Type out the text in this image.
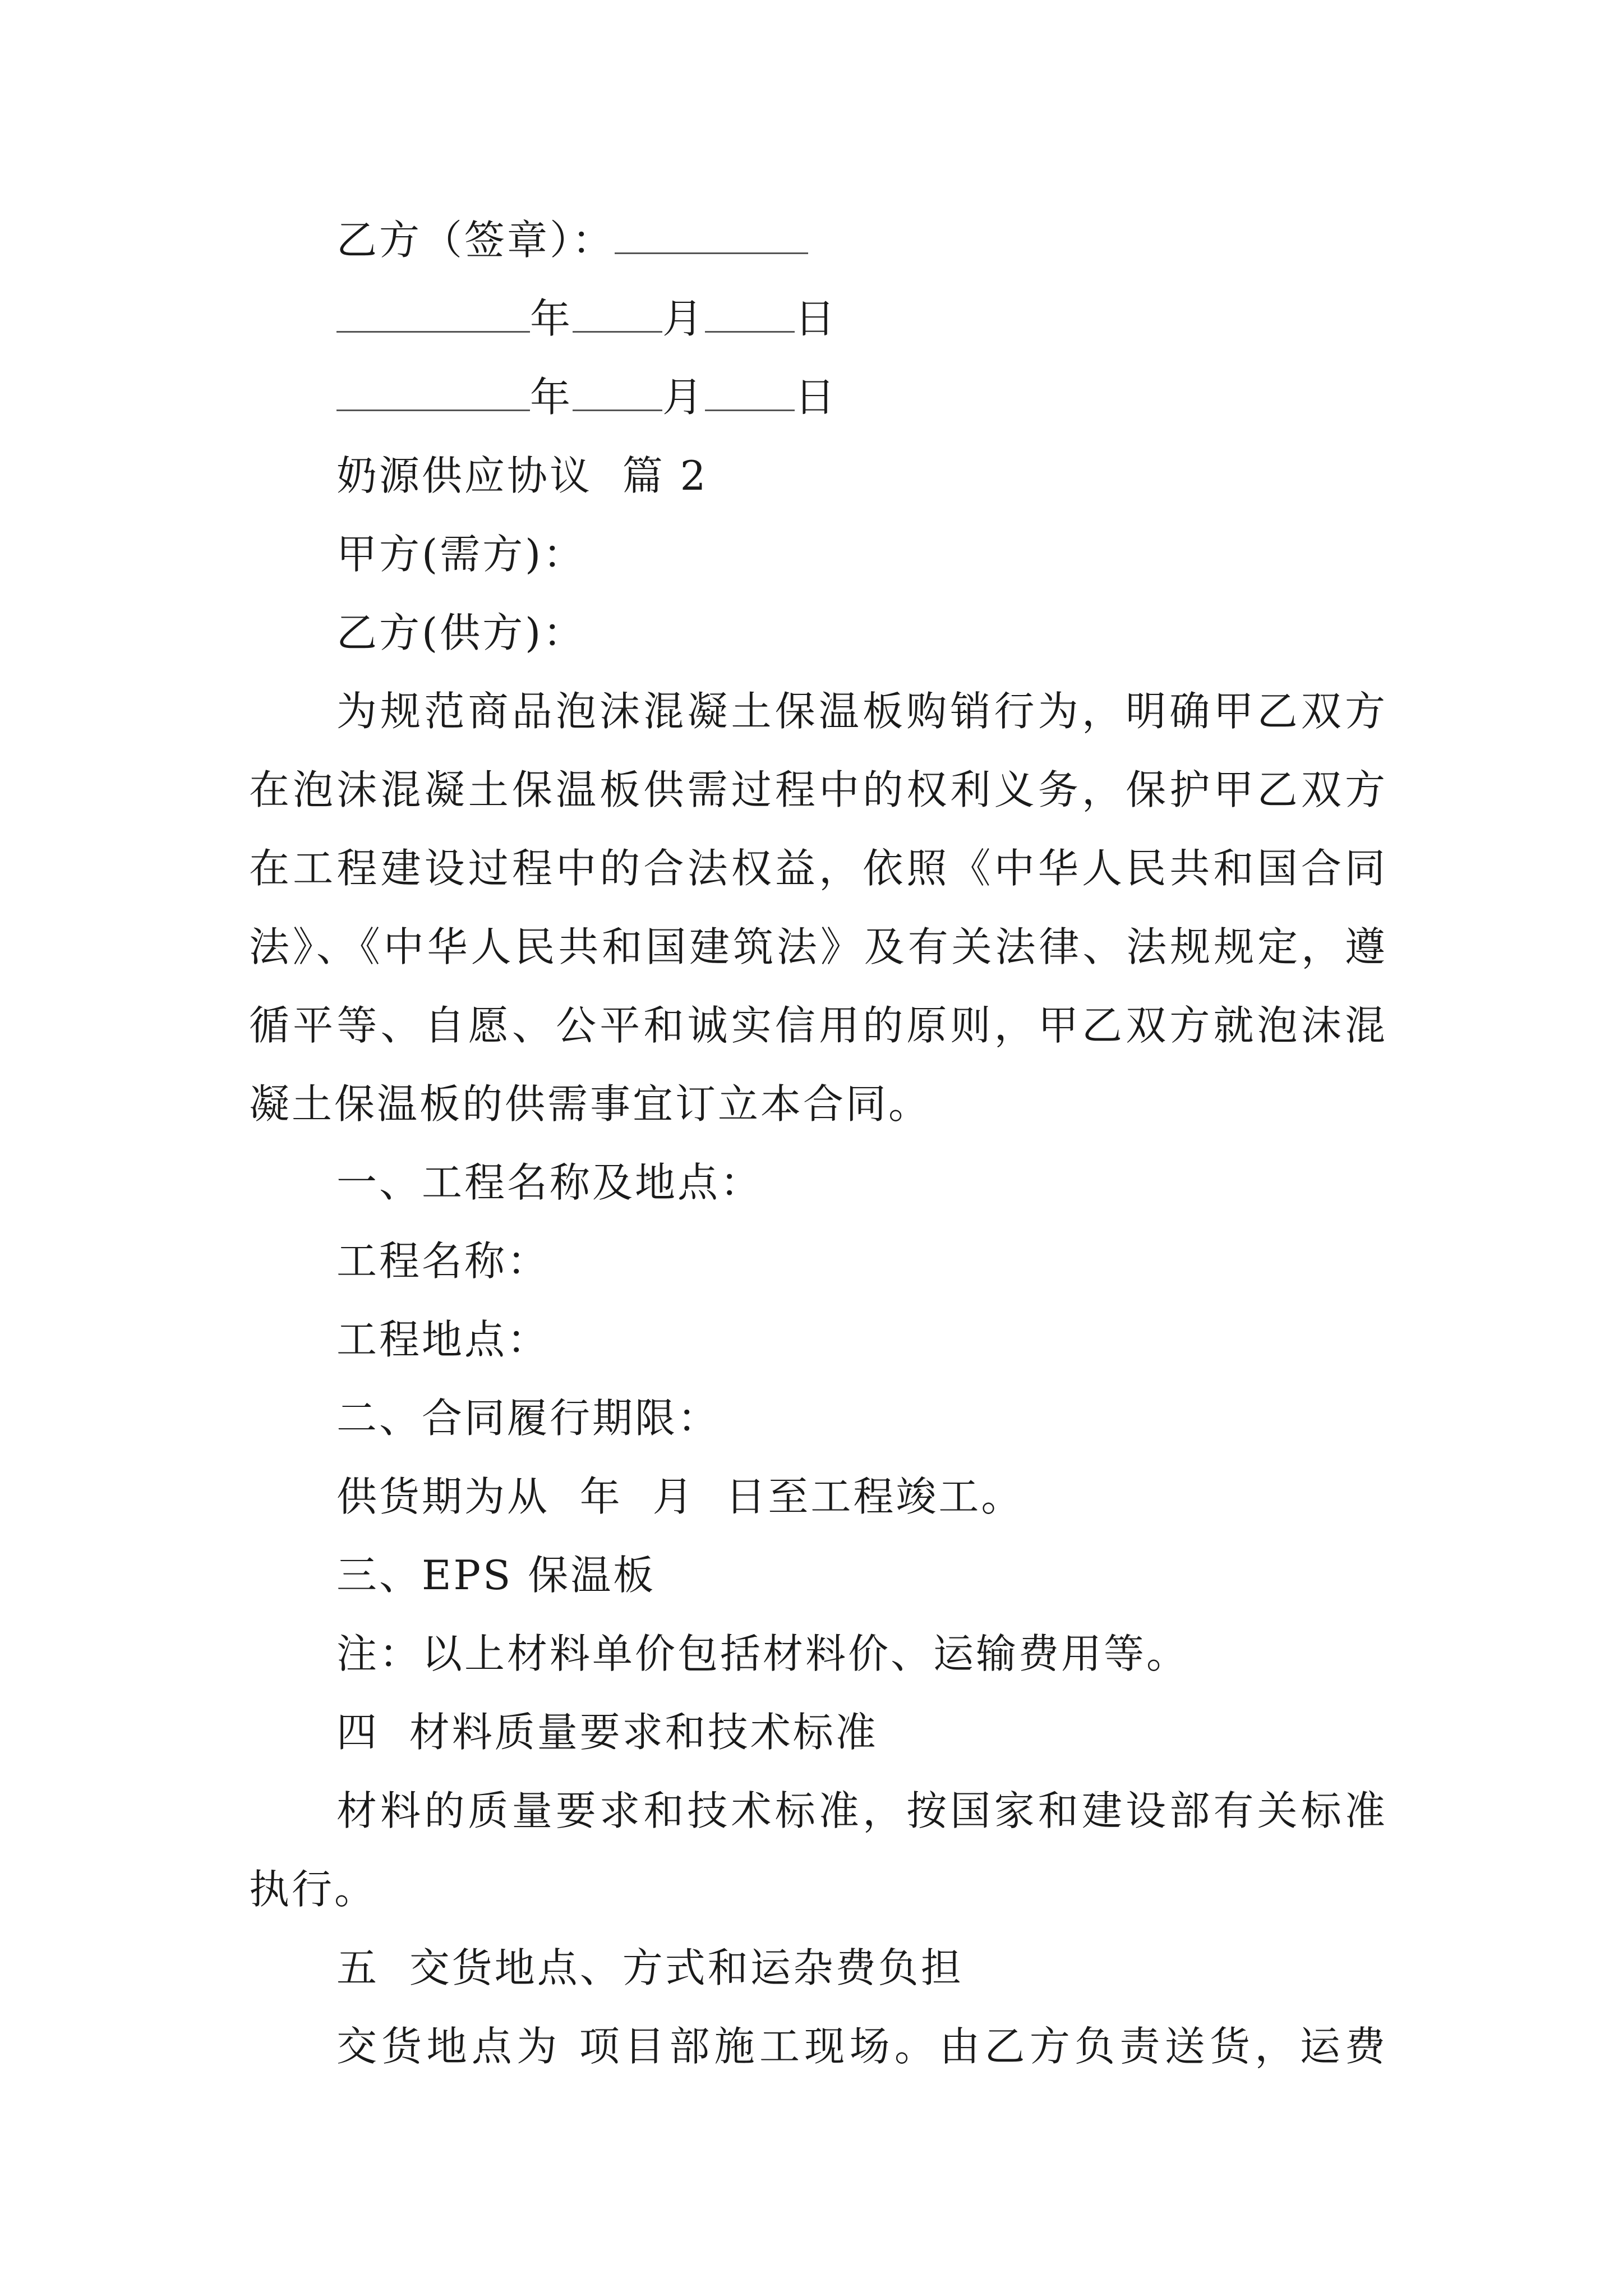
乙方（签章）：
年 月 日
年 月 日
奶源供应协议  篇 2
甲方(需方)：
乙方(供方)：
为规范商品泡沫混凝土保温板购销行为，明确甲乙双方
在泡沫混凝土保温板供需过程中的权利义务，保护甲乙双方
在工程建设过程中的合法权益，依照《中华人民共和国合同
法》、《中华人民共和国建筑法》及有关法律、法规规定，遵
循平等、自愿、公平和诚实信用的原则，甲乙双方就泡沫混
凝土保温板的供需事宜订立本合同。
一、工程名称及地点：
工程名称：
工程地点：
二、合同履行期限：
供货期为从  年  月  日至工程竣工。
三、EPS 保温板
注：以上材料单价包括材料价、运输费用等。
四  材料质量要求和技术标准
材料的质量要求和技术标准，按国家和建设部有关标准
执行。
五  交货地点、方式和运杂费负担
交货地点为 项目部施工现场。由乙方负责送货，运费
